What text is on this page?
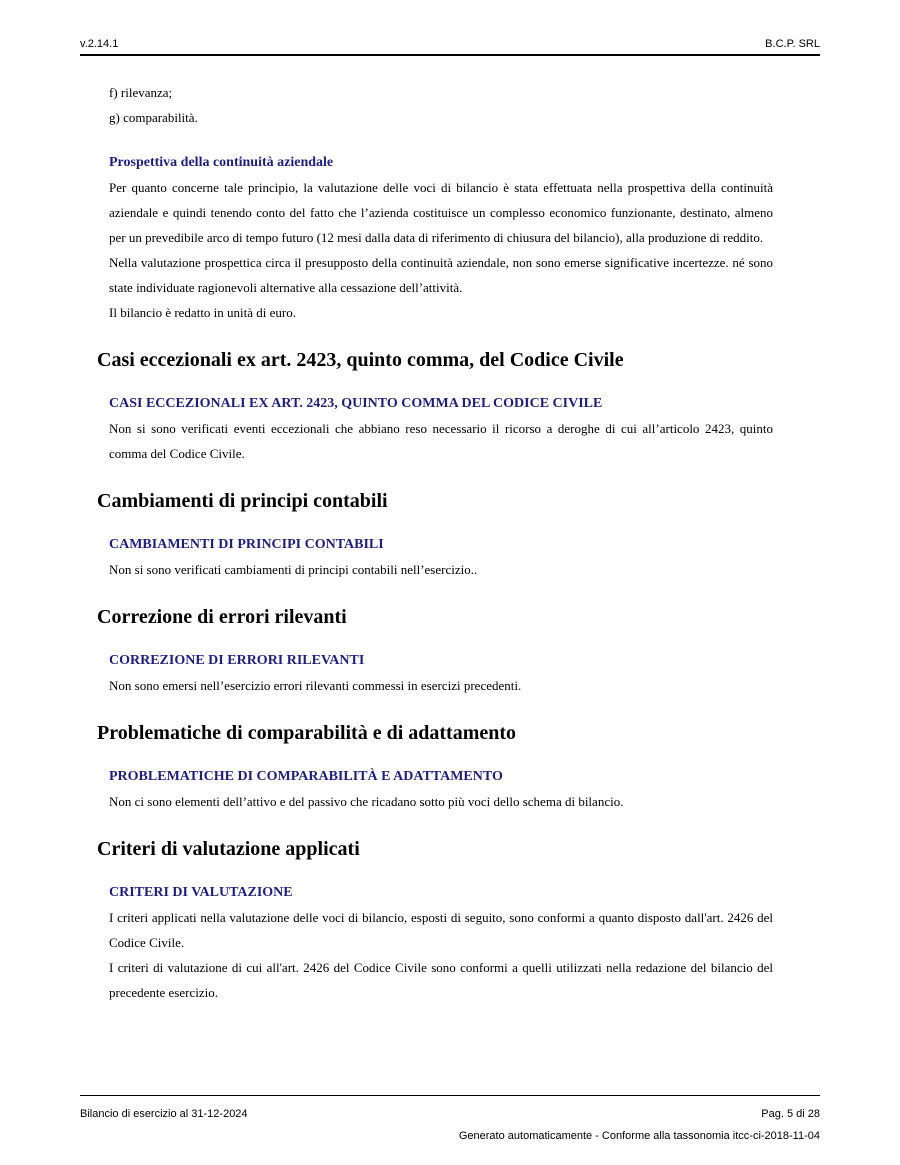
v.2.14.1	B.C.P. SRL

f) rilevanza;

g) comparabilità.

Prospettiva della continuità aziendale

Per quanto concerne tale principio, la valutazione delle voci di bilancio è stata effettuata nella prospettiva della continuità aziendale e quindi tenendo conto del fatto che l’azienda costituisce un complesso economico funzionante, destinato, almeno per un prevedibile arco di tempo futuro (12 mesi dalla data di riferimento di chiusura del bilancio), alla produzione di reddito.

Nella valutazione prospettica circa il presupposto della continuità aziendale, non sono emerse significative incertezze. né sono state individuate ragionevoli alternative alla cessazione dell’attività.

Il bilancio è redatto in unità di euro.

Casi eccezionali ex art. 2423, quinto comma, del Codice Civile
CASI ECCEZIONALI EX ART. 2423, QUINTO COMMA DEL CODICE CIVILE

Non si sono verificati eventi eccezionali che abbiano reso necessario il ricorso a deroghe di cui all’articolo 2423, quinto comma del Codice Civile.

Cambiamenti di principi contabili
CAMBIAMENTI DI PRINCIPI CONTABILI

Non si sono verificati cambiamenti di principi contabili nell’esercizio..

Correzione di errori rilevanti
CORREZIONE DI ERRORI RILEVANTI

Non sono emersi nell’esercizio errori rilevanti commessi in esercizi precedenti.

Problematiche di comparabilità e di adattamento
PROBLEMATICHE DI COMPARABILITÀ E ADATTAMENTO

Non ci sono elementi dell’attivo e del passivo che ricadano sotto più voci dello schema di bilancio.

Criteri di valutazione applicati
CRITERI DI VALUTAZIONE

I criteri applicati nella valutazione delle voci di bilancio, esposti di seguito, sono conformi a quanto disposto dall'art. 2426 del Codice Civile.

I criteri di valutazione di cui all'art. 2426 del Codice Civile sono conformi a quelli utilizzati nella redazione del bilancio del precedente esercizio.

Bilancio di esercizio al 31-12-2024	Pag. 5 di 28
Generato automaticamente - Conforme alla tassonomia itcc-ci-2018-11-04
